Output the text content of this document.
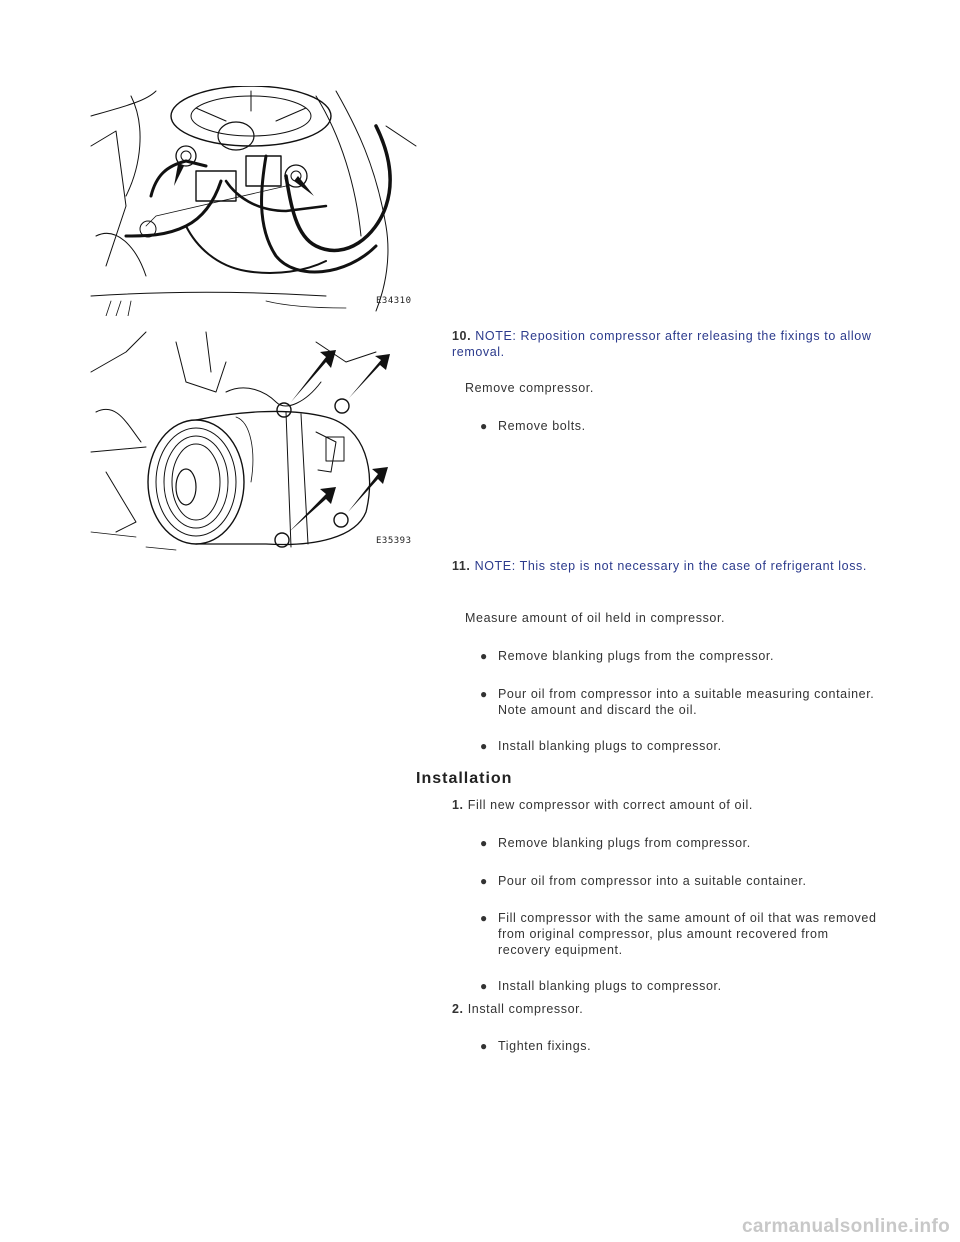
E34310
E35393
10. NOTE: Reposition compressor after releasing the fixings to allow removal.
Remove compressor.
● Remove bolts.
11. NOTE: This step is not necessary in the case of refrigerant loss.
Measure amount of oil held in compressor.
● Remove blanking plugs from the compressor.
● Pour oil from compressor into a suitable measuring container. Note amount and discard the oil.
● Install blanking plugs to compressor.
Installation
1. Fill new compressor with correct amount of oil.
● Remove blanking plugs from compressor.
● Pour oil from compressor into a suitable container.
● Fill compressor with the same amount of oil that was removed from original compressor, plus amount recovered from recovery equipment.
● Install blanking plugs to compressor.
2. Install compressor.
● Tighten fixings.
carmanualsonline.info
